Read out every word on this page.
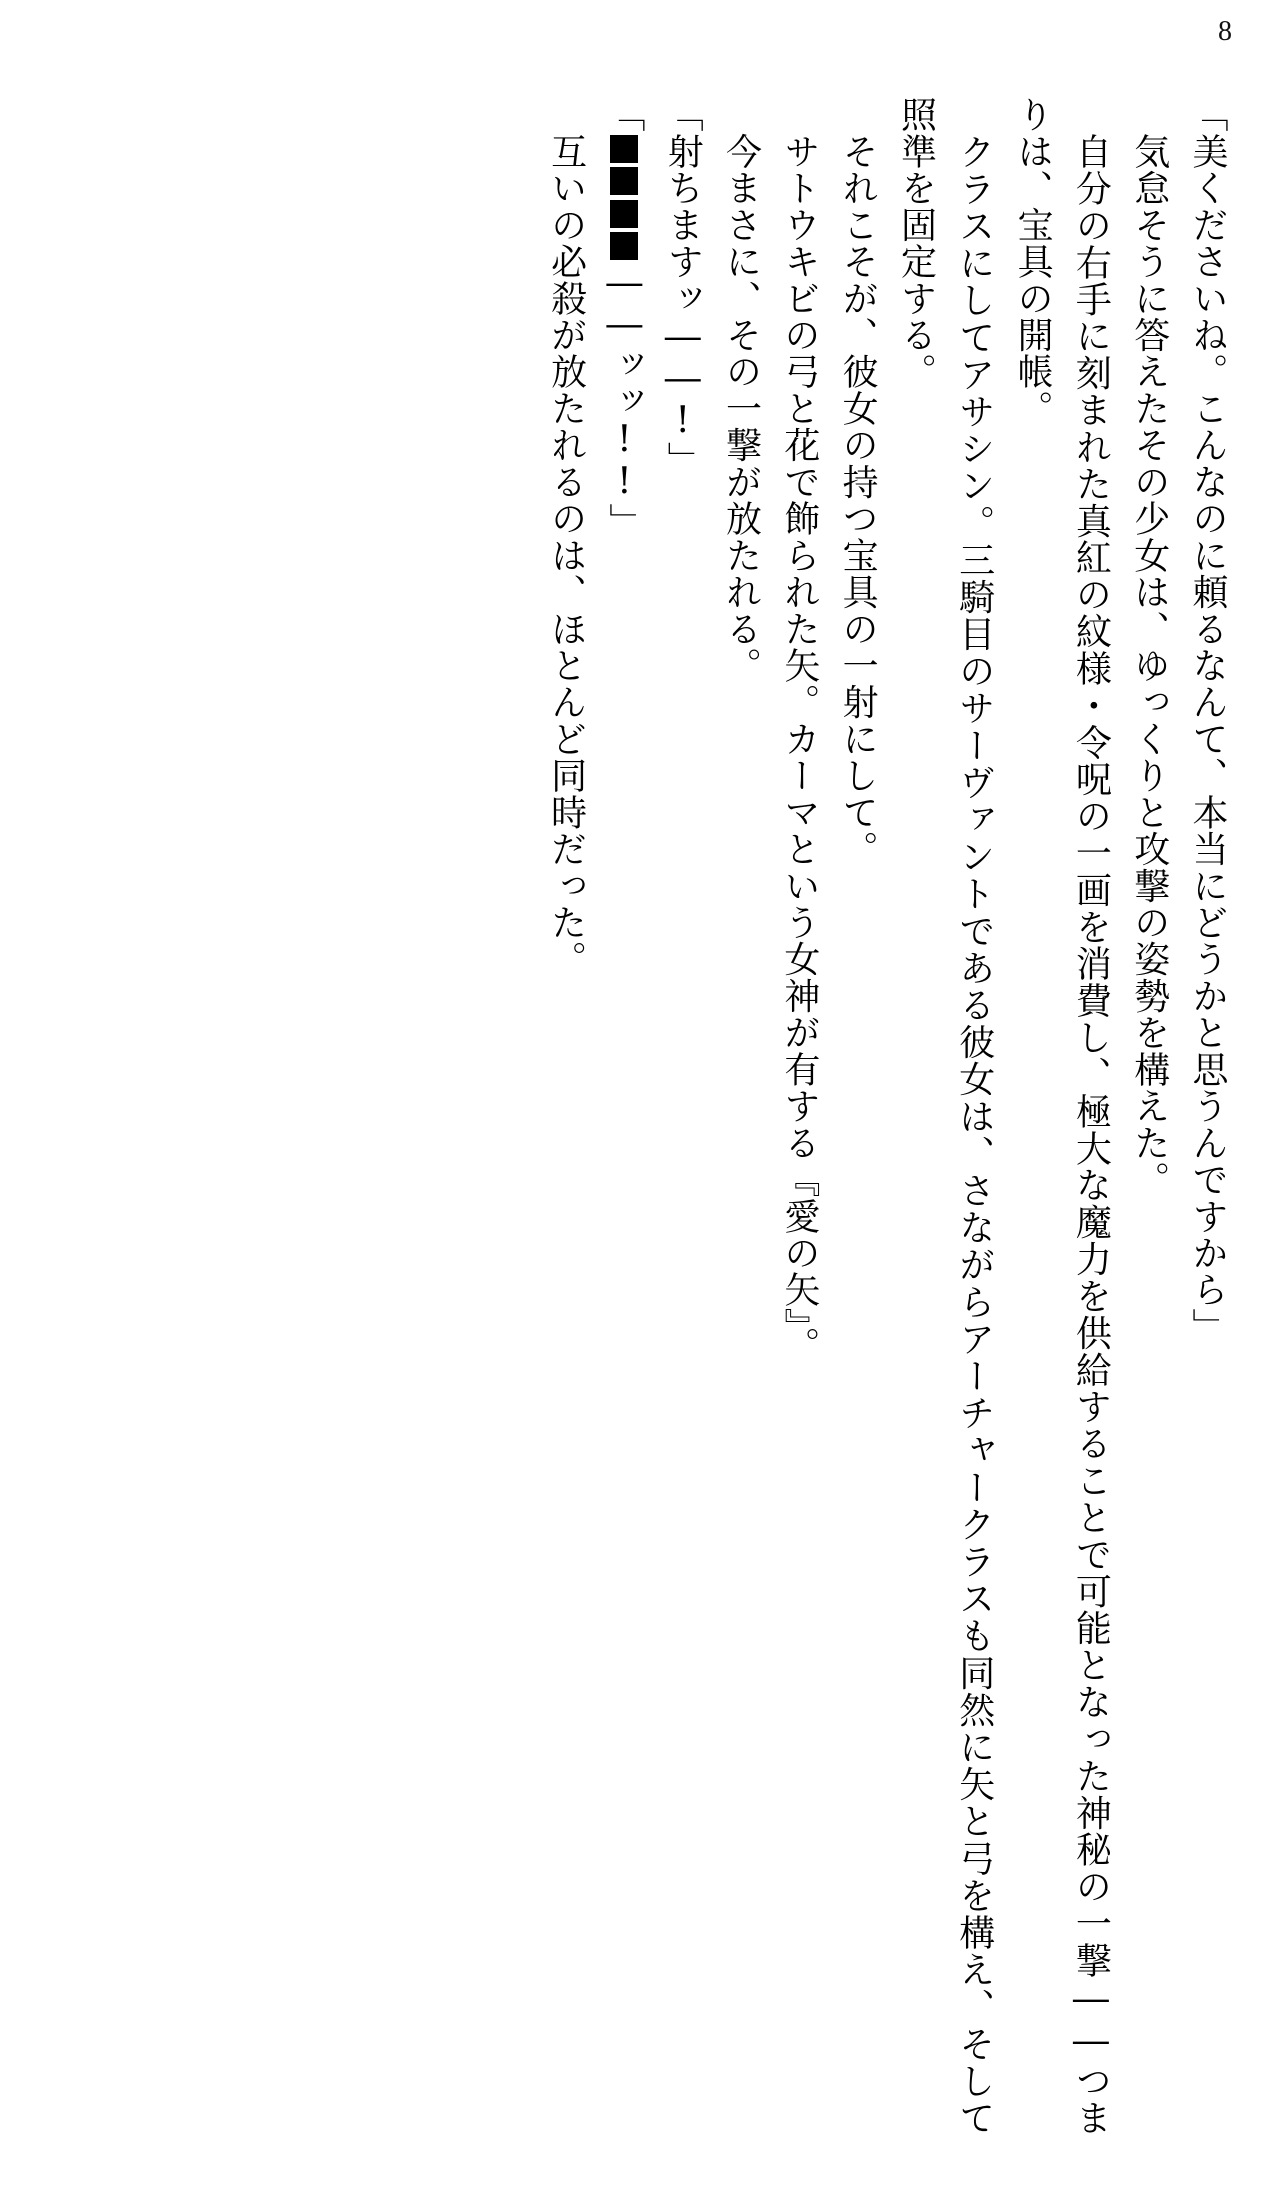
8

「美くださいね。こんなのに頼るなんて、本当にどうかと思うんですから」

　気怠そうに答えたその少女は、ゆっくりと攻撃の姿勢を構えた。

　自分の右手に刻まれた真紅の紋様・令呪の一画を消費し、極大な魔力を供給することで可能となった神秘の一撃――つまりは、宝具の開帳。

　クラスにしてアサシン。三騎目のサーヴァントである彼女は、さながらアーチャークラスも同然に矢と弓を構え、そして照準を固定する。

　それこそが、彼女の持つ宝具の一射にして。

　サトウキビの弓と花で飾られた矢。カーマという女神が有する『愛の矢』。

　今まさに、その一撃が放たれる。

「射ちますッ――!」

「――ッッ!!」

　互いの必殺が放たれるのは、ほとんど同時だった。
